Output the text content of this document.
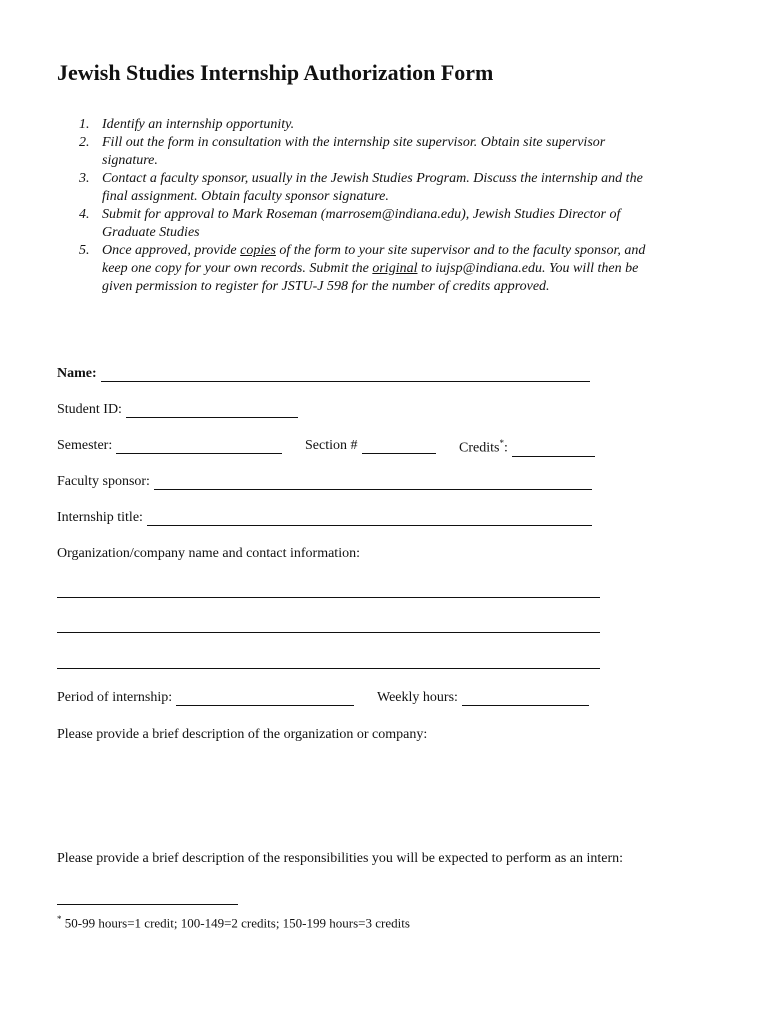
Jewish Studies Internship Authorization Form
1. Identify an internship opportunity.
2. Fill out the form in consultation with the internship site supervisor. Obtain site supervisor
signature.
3. Contact a faculty sponsor, usually in the Jewish Studies Program. Discuss the internship and the
final assignment. Obtain faculty sponsor signature.
4. Submit for approval to Mark Roseman (marrosem@indiana.edu), Jewish Studies Director of
Graduate Studies
5. Once approved, provide copies of the form to your site supervisor and to the faculty sponsor, and
keep one copy for your own records. Submit the original to iujsp@indiana.edu. You will then be
given permission to register for JSTU-J 598 for the number of credits approved.
Name:
Student ID:
Semester:	Section #	Credits*:
Faculty sponsor:
Internship title:
Organization/company name and contact information:
Period of internship:	Weekly hours:
Please provide a brief description of the organization or company:
Please provide a brief description of the responsibilities you will be expected to perform as an intern:
* 50-99 hours=1 credit; 100-149=2 credits; 150-199 hours=3 credits
